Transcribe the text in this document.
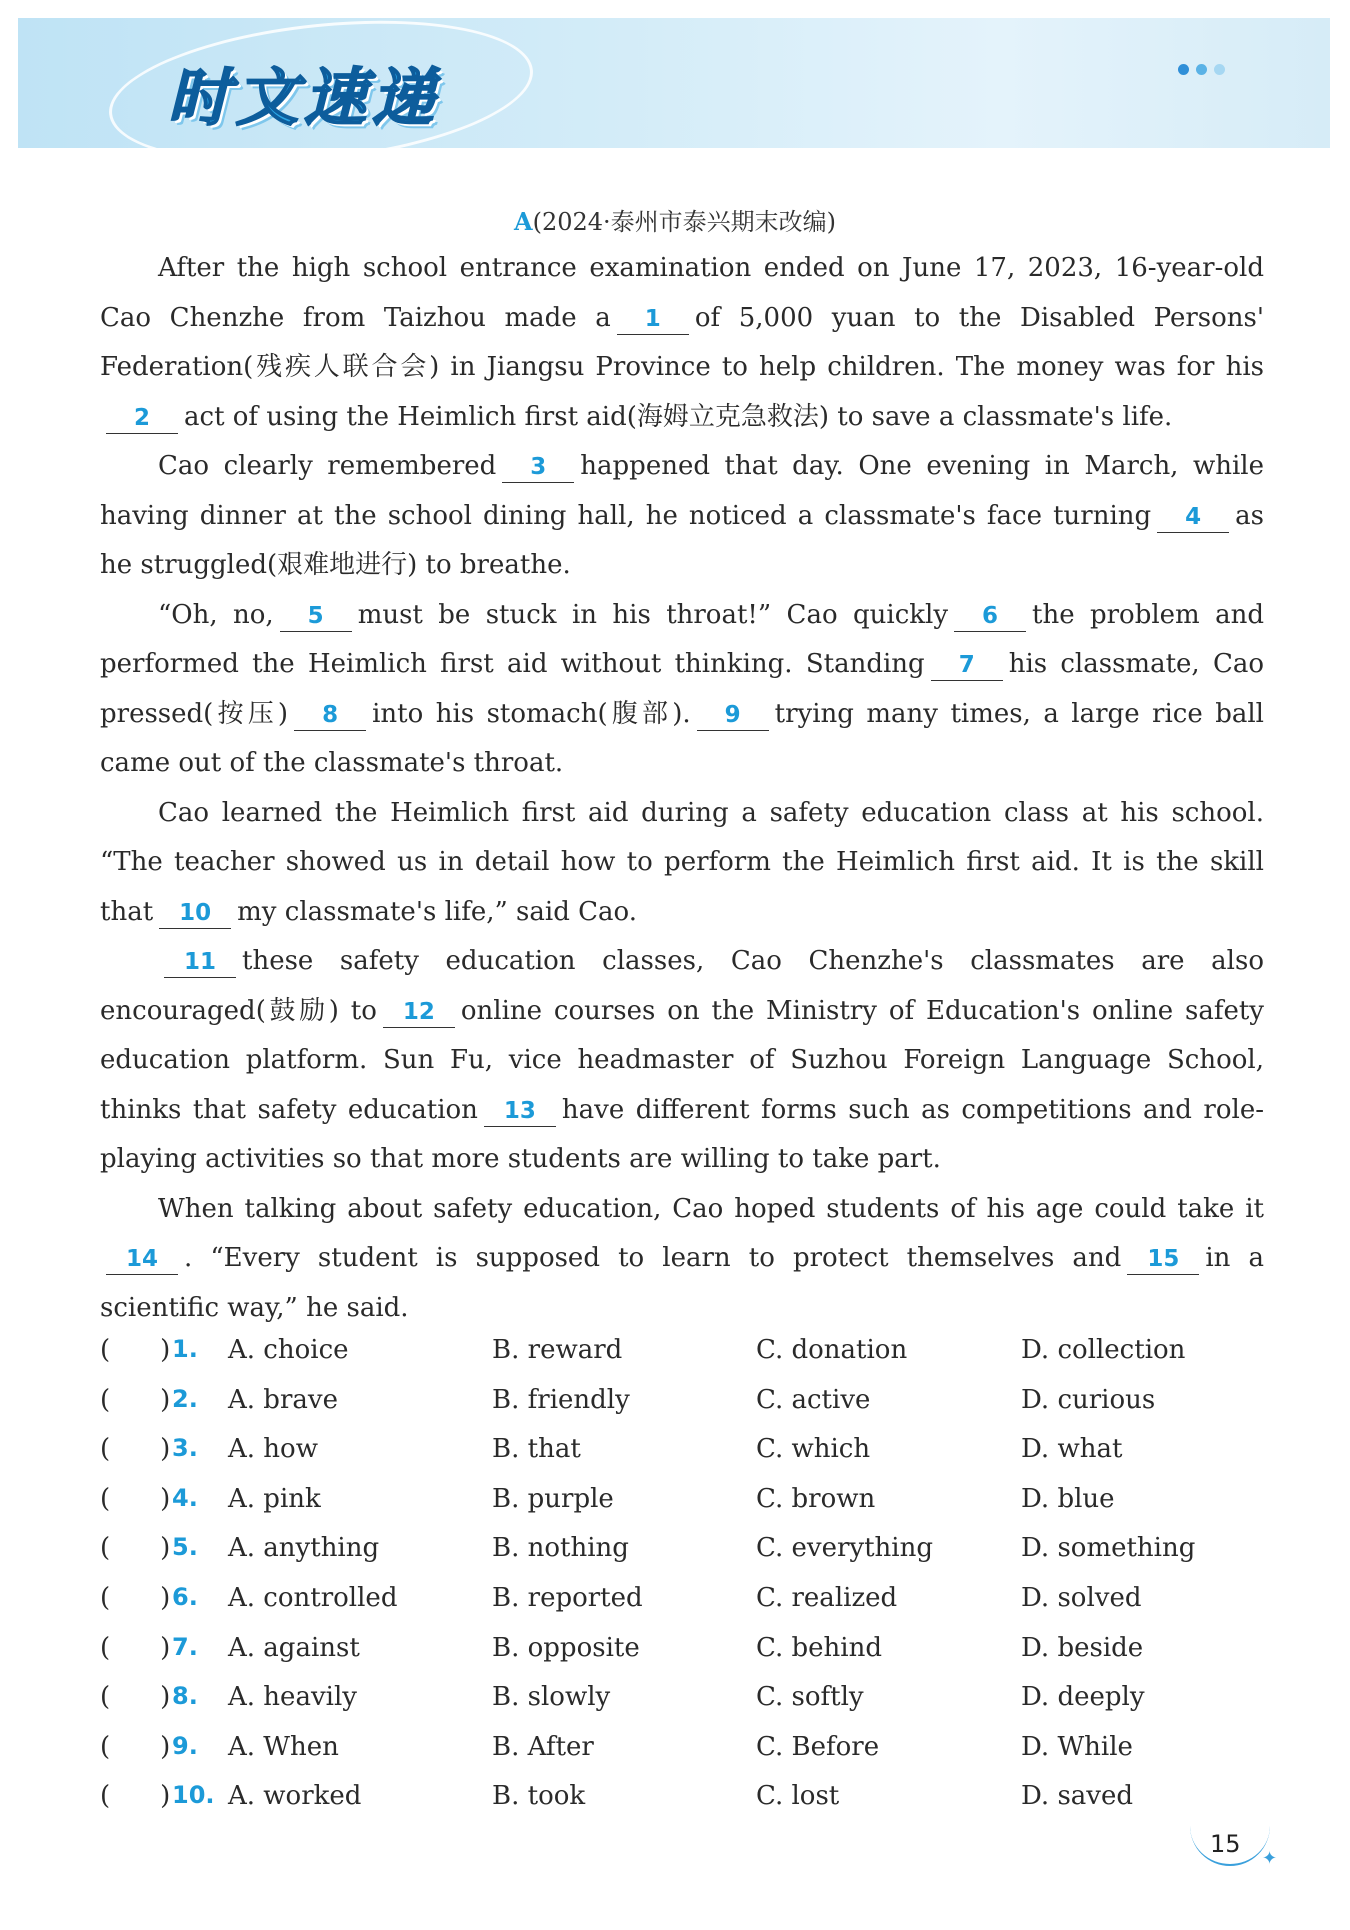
时文速递
A(2024·泰州市泰兴期末改编)

After the high school entrance examination ended on June 17, 2023, 16-year-old Cao Chenzhe from Taizhou made a 1 of 5,000 yuan to the Disabled Persons' Federation(残疾人联合会) in Jiangsu Province to help children. The money was for his2 act of using the Heimlich first aid(海姆立克急救法) to save a classmate's life.

Cao clearly remembered 3 happened that day. One evening in March, while having dinner at the school dining hall, he noticed a classmate's face turning 4 as he struggled(艰难地进行) to breathe.

“Oh, no, 5 must be stuck in his throat!” Cao quickly 6 the problem and performed the Heimlich first aid without thinking. Standing 7 his classmate, Cao pressed(按压) 8 into his stomach(腹部). 9 trying many times, a large rice ball came out of the classmate's throat.

Cao learned the Heimlich first aid during a safety education class at his school. “The teacher showed us in detail how to perform the Heimlich first aid. It is the skill that 10 my classmate's life,” said Cao.

11 these safety education classes, Cao Chenzhe's classmates are also encouraged(鼓励) to 12 online courses on the Ministry of Education's online safety education platform. Sun Fu, vice headmaster of Suzhou Foreign Language School, thinks that safety education 13 have different forms such as competitions and role-playing activities so that more students are willing to take part.

When talking about safety education, Cao hoped students of his age could take it14 . “Every student is supposed to learn to protect themselves and 15 in a scientific way,” he said.

( ) 1. A. choice	B. reward	C. donation	D. collection
( ) 2. A. brave	B. friendly	C. active	D. curious
( ) 3. A. how	B. that	C. which	D. what
( ) 4. A. pink	B. purple	C. brown	D. blue
( ) 5. A. anything	B. nothing	C. everything	D. something
( ) 6. A. controlled	B. reported	C. realized	D. solved
( ) 7. A. against	B. opposite	C. behind	D. beside
( ) 8. A. heavily	B. slowly	C. softly	D. deeply
( ) 9. A. When	B. After	C. Before	D. While
( ) 10. A. worked	B. took	C. lost	D. saved
15
✦
